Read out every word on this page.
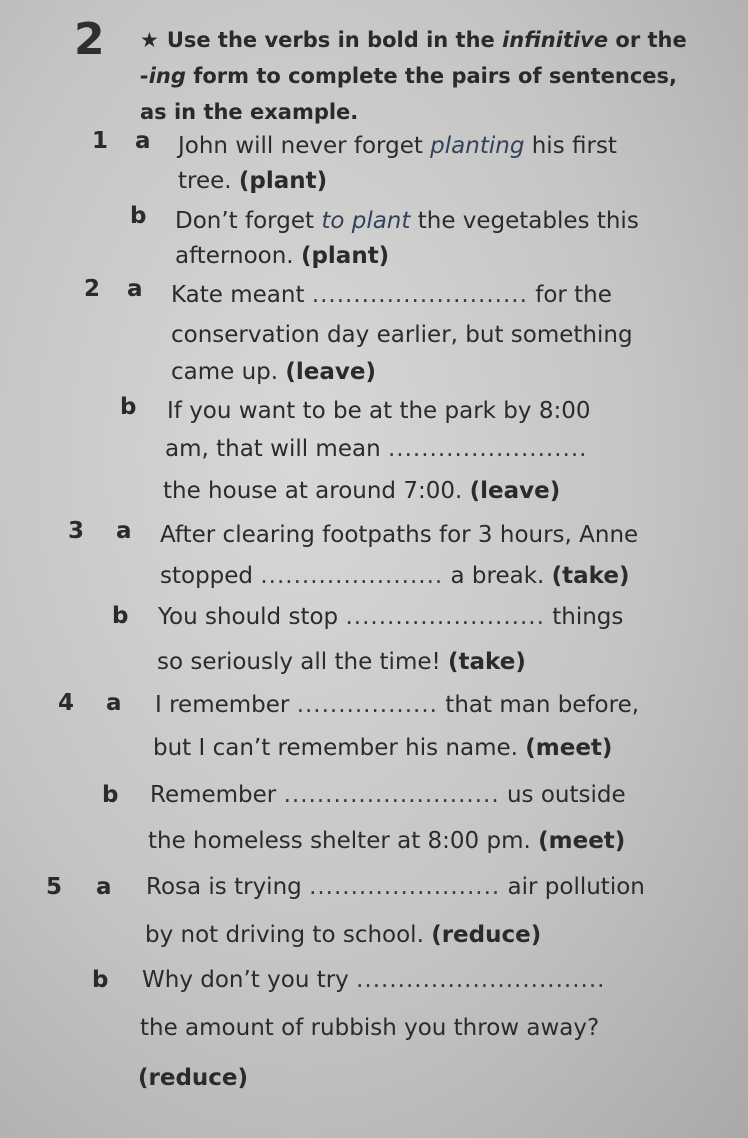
2 ★ Use the verbs in bold in the infinitive or the -ing form to complete the pairs of sentences, as in the example.
1 a John will never forget planting his first
tree. (plant)
b Don’t forget to plant the vegetables this
afternoon. (plant)
2 a Kate meant .......................... for the
conservation day earlier, but something
came up. (leave)
b If you want to be at the park by 8:00
am, that will mean ........................
the house at around 7:00. (leave)
3 a After clearing footpaths for 3 hours, Anne
stopped ...................... a break. (take)
b You should stop ........................ things
so seriously all the time! (take)
4 a I remember ................. that man before,
but I can’t remember his name. (meet)
b Remember .......................... us outside
the homeless shelter at 8:00 pm. (meet)
5 a Rosa is trying ....................... air pollution
by not driving to school. (reduce)
b Why don’t you try ..............................
the amount of rubbish you throw away?
(reduce)
